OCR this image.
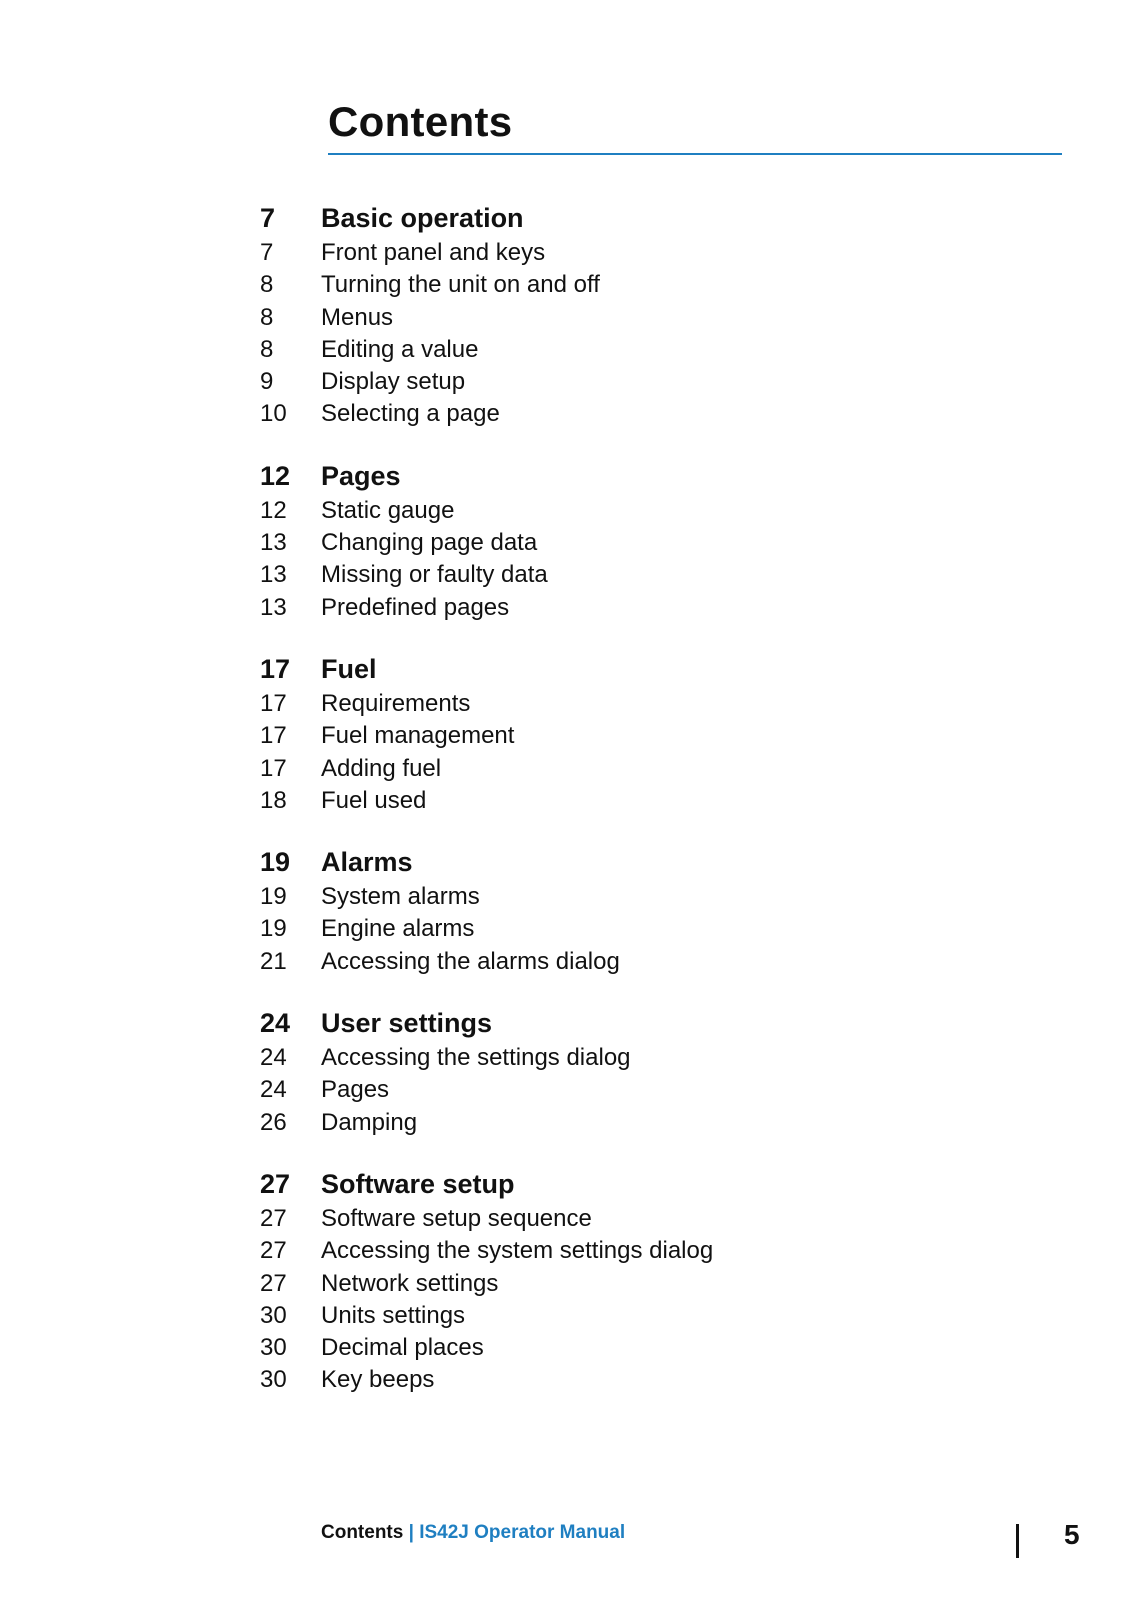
Contents
7	Basic operation
7	Front panel and keys
8	Turning the unit on and off
8	Menus
8	Editing a value
9	Display setup
10	Selecting a page
12	Pages
12	Static gauge
13	Changing page data
13	Missing or faulty data
13	Predefined pages
17	Fuel
17	Requirements
17	Fuel management
17	Adding fuel
18	Fuel used
19	Alarms
19	System alarms
19	Engine alarms
21	Accessing the alarms dialog
24	User settings
24	Accessing the settings dialog
24	Pages
26	Damping
27	Software setup
27	Software setup sequence
27	Accessing the system settings dialog
27	Network settings
30	Units settings
30	Decimal places
30	Key beeps
Contents | IS42J Operator Manual	5
